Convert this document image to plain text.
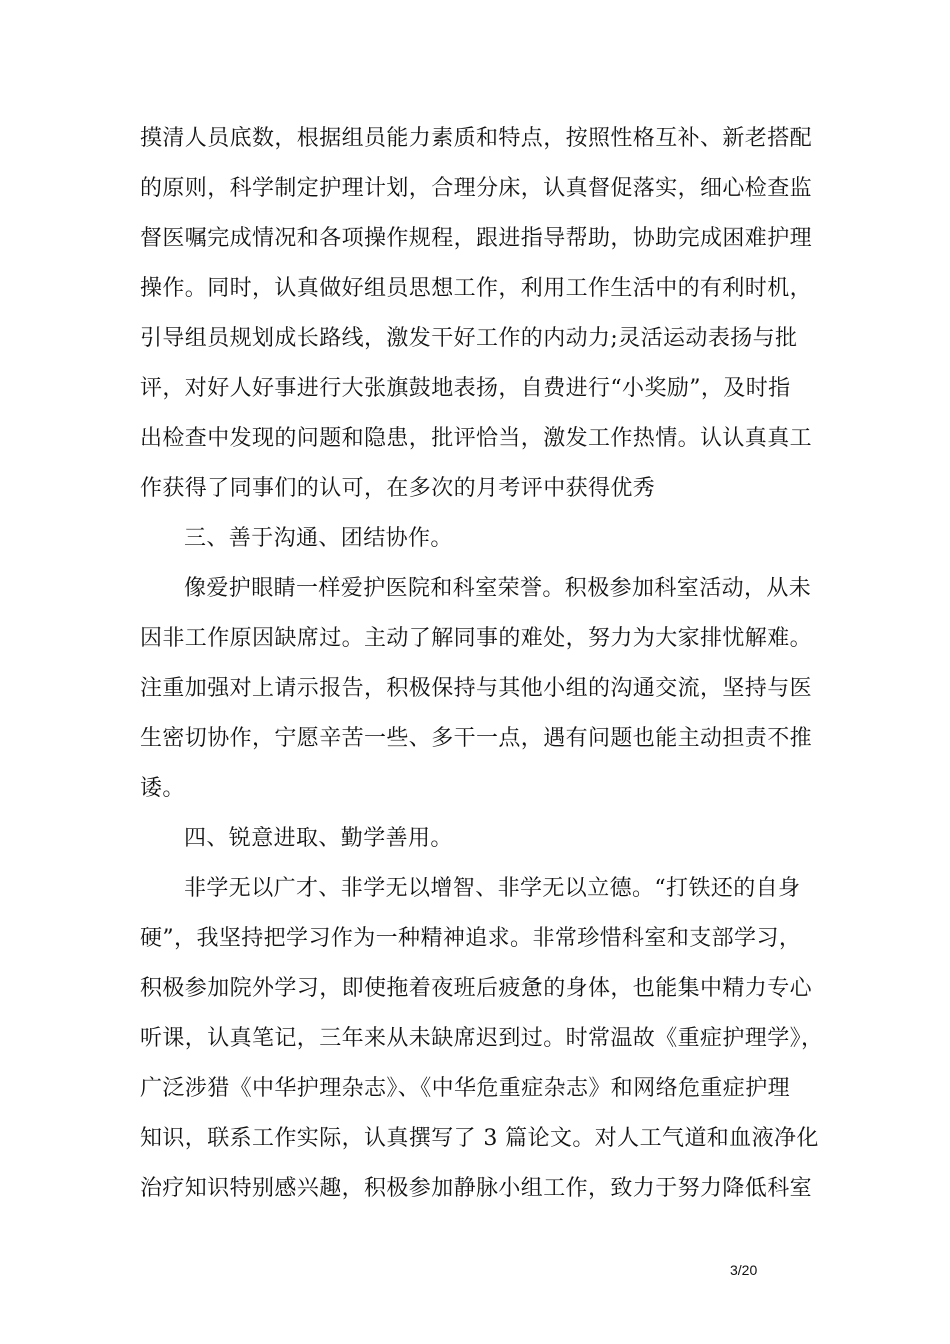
摸清人员底数，根据组员能力素质和特点，按照性格互补、新老搭配
的原则，科学制定护理计划，合理分床，认真督促落实，细心检查监
督医嘱完成情况和各项操作规程，跟进指导帮助，协助完成困难护理
操作。同时，认真做好组员思想工作，利用工作生活中的有利时机，
引导组员规划成长路线，激发干好工作的内动力;灵活运动表扬与批
评，对好人好事进行大张旗鼓地表扬，自费进行“小奖励”，及时指
出检查中发现的问题和隐患，批评恰当，激发工作热情。认认真真工
作获得了同事们的认可，在多次的月考评中获得优秀
三、善于沟通、团结协作。
像爱护眼睛一样爱护医院和科室荣誉。积极参加科室活动，从未
因非工作原因缺席过。主动了解同事的难处，努力为大家排忧解难。
注重加强对上请示报告，积极保持与其他小组的沟通交流，坚持与医
生密切协作，宁愿辛苦一些、多干一点，遇有问题也能主动担责不推
诿。
四、锐意进取、勤学善用。
非学无以广才、非学无以增智、非学无以立德。“打铁还的自身
硬”，我坚持把学习作为一种精神追求。非常珍惜科室和支部学习，
积极参加院外学习，即使拖着夜班后疲惫的身体，也能集中精力专心
听课，认真笔记，三年来从未缺席迟到过。时常温故《重症护理学》，
广泛涉猎《中华护理杂志》、《中华危重症杂志》和网络危重症护理
知识，联系工作实际，认真撰写了 3 篇论文。对人工气道和血液净化
治疗知识特别感兴趣，积极参加静脉小组工作，致力于努力降低科室
3/20
